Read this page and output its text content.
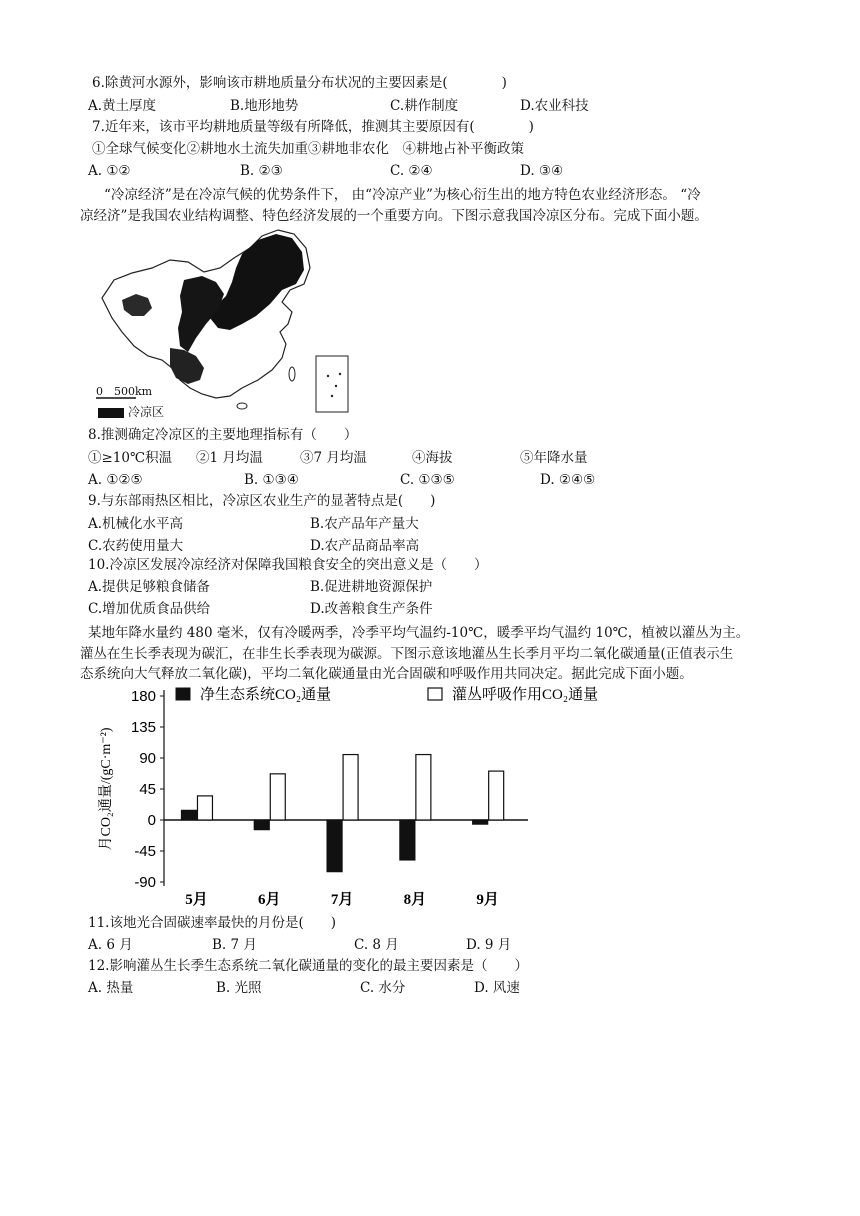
6.除黄河水源外，影响该市耕地质量分布状况的主要因素是(　　　　)
A.黄土厚度	B.地形地势	C.耕作制度	D.农业科技
7.近年来，该市平均耕地质量等级有所降低，推测其主要原因有(　　　　)
①全球气候变化②耕地水土流失加重③耕地非农化　④耕地占补平衡政策
A. ①②	B. ②③	C. ②④	D. ③④
“冷凉经济”是在冷凉气候的优势条件下， 由“冷凉产业”为核心衍生出的地方特色农业经济形态。 “冷
凉经济”是我国农业结构调整、特色经济发展的一个重要方向。下图示意我国冷凉区分布。完成下面小题。
0　500km
冷凉区
8.推测确定冷凉区的主要地理指标有（　　）
①≥10℃积温 ②1 月均温	③7 月均温	④海拔	⑤年降水量
A. ①②⑤	B. ①③④	C. ①③⑤	D. ②④⑤
9.与东部雨热区相比，冷凉区农业生产的显著特点是(　　)
A.机械化水平高	B.农产品年产量大
C.农药使用量大	D.农产品商品率高
10.冷凉区发展冷凉经济对保障我国粮食安全的突出意义是（　　）
A.提供足够粮食储备	B.促进耕地资源保护
C.增加优质食品供给	D.改善粮食生产条件
某地年降水量约 480 毫米，仅有冷暖两季，冷季平均气温约-10℃，暖季平均气温约 10℃，植被以灌丛为主。
灌丛在生长季表现为碳汇，在非生长季表现为碳源。下图示意该地灌丛生长季月平均二氧化碳通量(正值表示生
态系统向大气释放二氧化碳)，平均二氧化碳通量由光合固碳和呼吸作用共同决定。据此完成下面小题。
180
135
90
45
0
-45
-90
月CO₂通量/(gC·m⁻²)
5月	6月	7月	8月	9月
净生态系统CO₂通量	灌丛呼吸作用CO₂通量
11.该地光合固碳速率最快的月份是(　　)
A. 6 月	B. 7 月	C. 8 月	D. 9 月
12.影响灌丛生长季生态系统二氧化碳通量的变化的最主要因素是（　　）
A. 热量	B. 光照	C. 水分	D. 风速
